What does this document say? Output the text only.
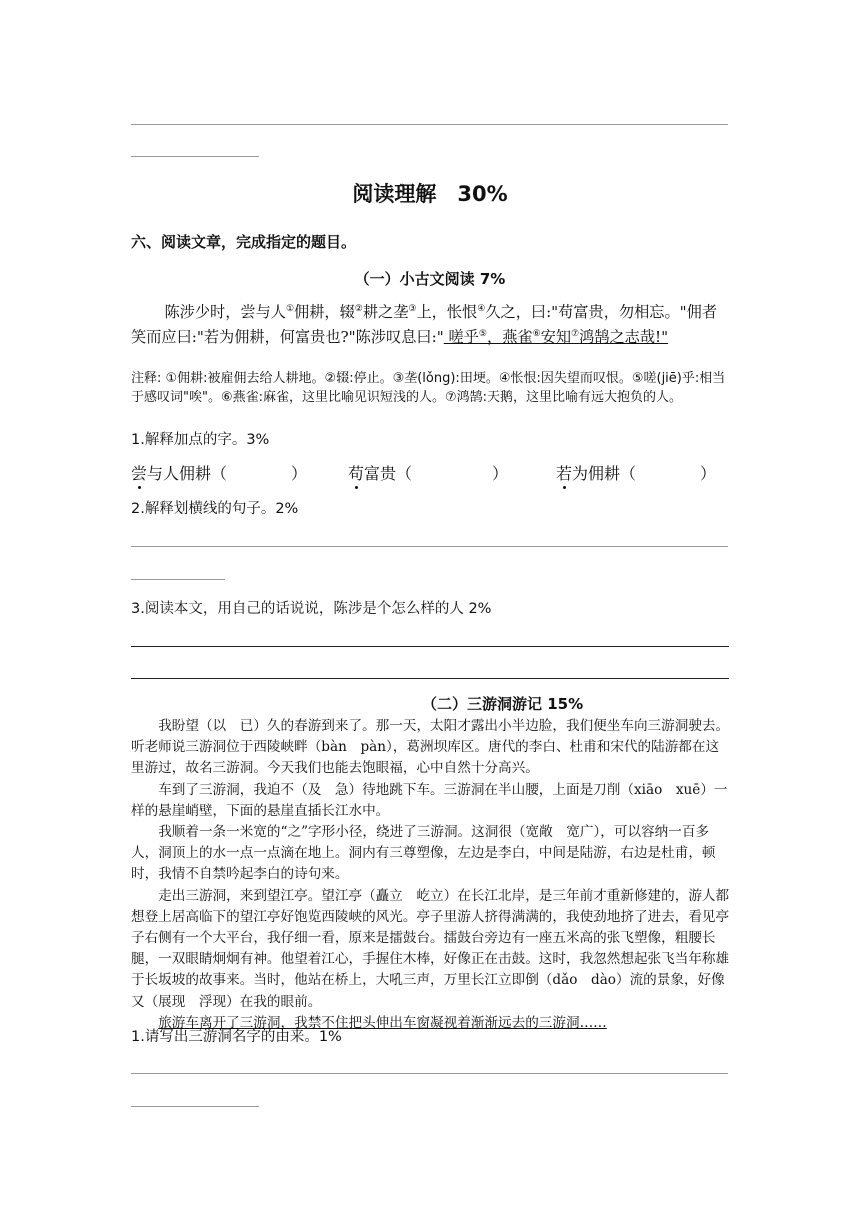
阅读理解　30%
六、阅读文章，完成指定的题目。
（一）小古文阅读 7%
陈涉少时，尝与人①佣耕，辍②耕之垄③上，怅恨④久之，曰:"苟富贵，勿相忘。"佣者笑而应曰:"若为佣耕，何富贵也?"陈涉叹息曰:" 嗟乎⑤，燕雀⑥安知⑦鸿鹄之志哉!"
注释: ①佣耕:被雇佣去给人耕地。②辍:停止。③垄(lǒng):田埂。④怅恨:因失望而叹恨。⑤嗟(jiē)乎:相当于感叹词"唉"。⑥燕雀:麻雀，这里比喻见识短浅的人。⑦鸿鹄:天鹅，这里比喻有远大抱负的人。
1.解释加点的字。3%
尝与人佣耕（　　　　）	苟富贵（　　　　　）	若为佣耕（　　　　）
2.解释划横线的句子。2%
3.阅读本文，用自己的话说说，陈涉是个怎么样的人 2%
（二）三游洞游记 15%

我盼望（以　已）久的春游到来了。那一天，太阳才露出小半边脸，我们便坐车向三游洞驶去。听老师说三游洞位于西陵峡畔（bàn　pàn），葛洲坝库区。唐代的李白、杜甫和宋代的陆游都在这里游过，故名三游洞。今天我们也能去饱眼福，心中自然十分高兴。

车到了三游洞，我迫不（及　急）待地跳下车。三游洞在半山腰，上面是刀削（xiāo　xuē）一样的悬崖峭壁，下面的悬崖直插长江水中。

我顺着一条一米宽的“之”字形小径，绕进了三游洞。这洞很（宽敞　宽广），可以容纳一百多人，洞顶上的水一点一点滴在地上。洞内有三尊塑像，左边是李白，中间是陆游，右边是杜甫，顿时，我情不自禁吟起李白的诗句来。

走出三游洞，来到望江亭。望江亭（矗立　屹立）在长江北岸，是三年前才重新修建的，游人都想登上居高临下的望江亭好饱览西陵峡的风光。亭子里游人挤得满满的，我使劲地挤了进去，看见亭子右侧有一个大平台，我仔细一看，原来是擂鼓台。擂鼓台旁边有一座五米高的张飞塑像，粗腰长腿，一双眼睛炯炯有神。他望着江心，手握住木棒，好像正在击鼓。这时，我忽然想起张飞当年称雄于长坂坡的故事来。当时，他站在桥上，大吼三声，万里长江立即倒（dǎo　dào）流的景象，好像又（展现　浮现）在我的眼前。

旅游车离开了三游洞，我禁不住把头伸出车窗凝视着渐渐远去的三游洞……

1.请写出三游洞名字的由来。1%
